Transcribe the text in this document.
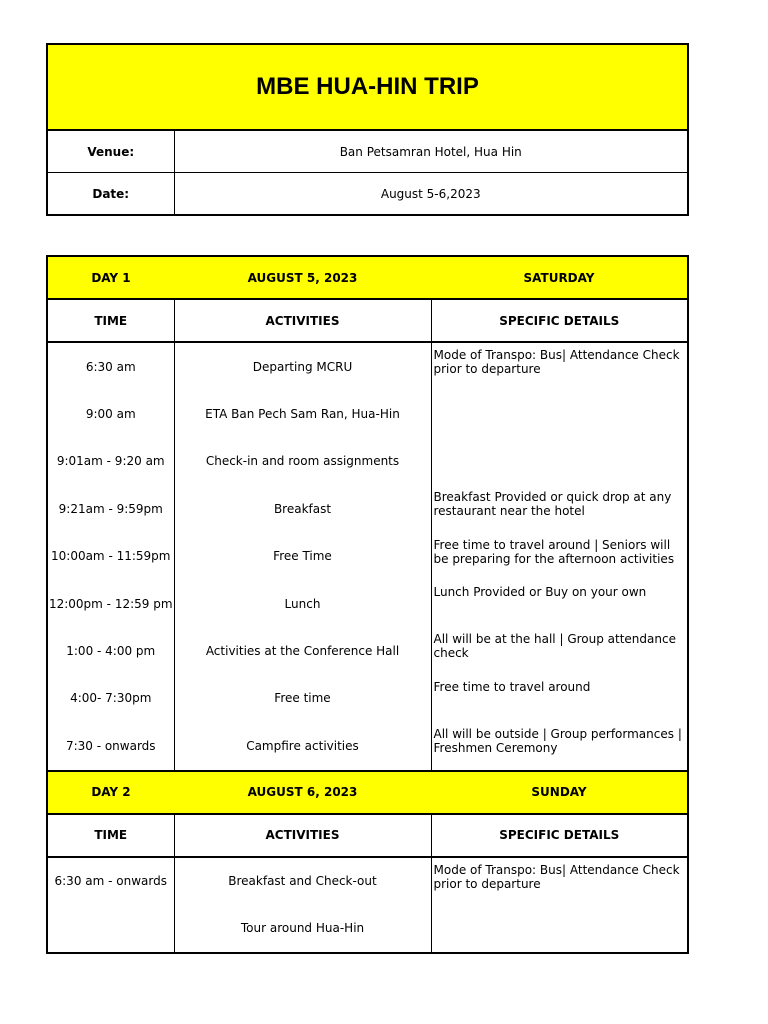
MBE HUA-HIN TRIP	
Venue:	Ban Petsamran Hotel, Hua Hin
Date:	August 5-6,2023
DAY 1	AUGUST 5, 2023	SATURDAY
TIME	ACTIVITIES	SPECIFIC DETAILS
6:30 am	Departing MCRU	Mode of Transpo: Bus| Attendance Check prior to departure
9:00 am	ETA Ban Pech Sam Ran, Hua-Hin	
9:01am - 9:20 am	Check-in and room assignments	
9:21am - 9:59pm	Breakfast	Breakfast Provided or quick drop at any restaurant near the hotel
10:00am - 11:59pm	Free Time	Free time to travel around | Seniors will be preparing for the afternoon activities
12:00pm - 12:59 pm	Lunch	Lunch Provided or Buy on your own
1:00 - 4:00 pm	Activities at the Conference Hall	All will be at the hall | Group attendance check
4:00- 7:30pm	Free time	Free time to travel around
7:30 - onwards	Campfire activities	All will be outside | Group performances | Freshmen Ceremony
DAY 2	AUGUST 6, 2023	SUNDAY
TIME	ACTIVITIES	SPECIFIC DETAILS
6:30 am - onwards	Breakfast and Check-out	Mode of Transpo: Bus| Attendance Check prior to departure
	Tour around Hua-Hin	
